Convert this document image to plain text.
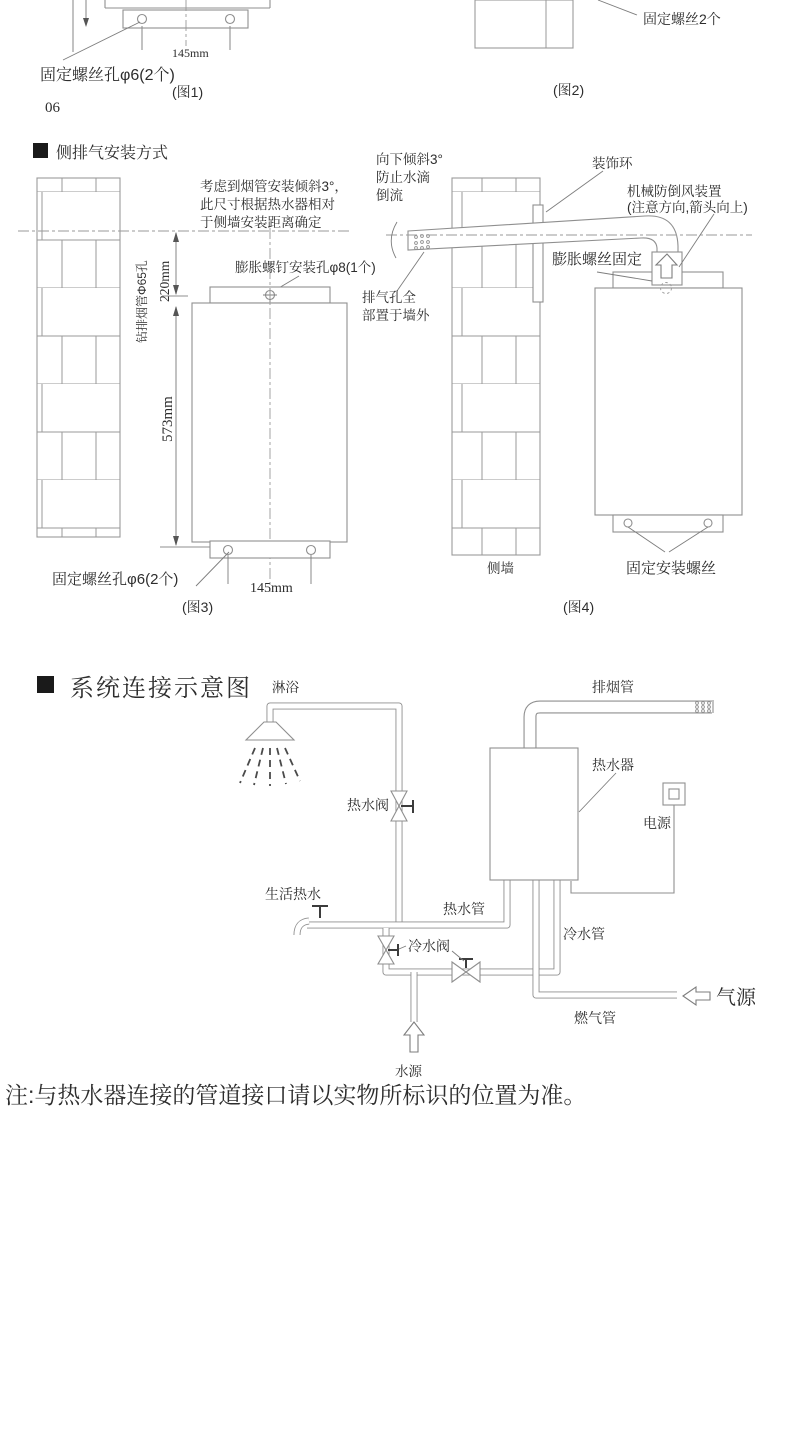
145mm
固定螺丝孔φ6(2个)
(图1)
06
固定螺丝2个
(图2)
侧排气安装方式
考虑到烟管安装倾斜3°，
此尺寸根据热水器相对
于侧墙安装距离确定
钻排烟管Φ65孔 220mm	膨胀螺钉安装孔φ8(1个)
573mm
固定螺丝孔φ6(2个)
145mm
(图3)
向下倾斜3°
防止水滴
倒流
装饰环
机械防倒风装置
(注意方向,箭头向上)
膨胀螺丝固定
排气孔全
部置于墙外
侧墙	固定安装螺丝
(图4)
系统连接示意图 淋浴	排烟管
热水器
电源
热水阀
生活热水
热水管
冷水阀
冷水管
气源
燃气管
水源
注:与热水器连接的管道接口请以实物所标识的位置为准。
